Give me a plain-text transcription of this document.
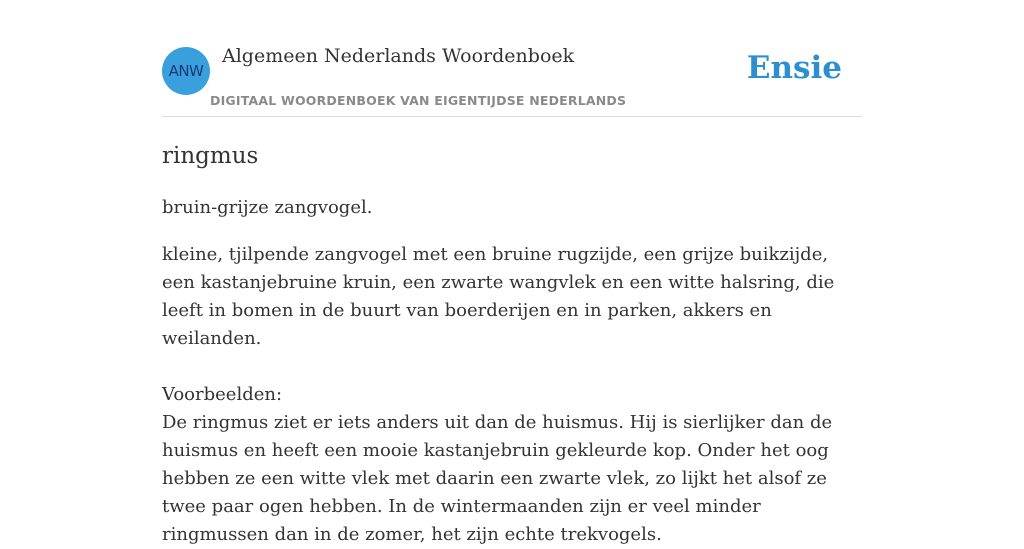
ANW
Algemeen Nederlands Woordenboek
DIGITAAL WOORDENBOEK VAN EIGENTIJDSE NEDERLANDS
Ensie
ringmus

bruin-grijze zangvogel.

kleine, tjilpende zangvogel met een bruine rugzijde, een grijze buikzijde, een kastanjebruine kruin, een zwarte wangvlek en een witte halsring, die leeft in bomen in de buurt van boerderijen en in parken, akkers en weilanden.

Voorbeelden:

De ringmus ziet er iets anders uit dan de huismus. Hij is sierlijker dan de huismus en heeft een mooie kastanjebruin gekleurde kop. Onder het oog hebben ze een witte vlek met daarin een zwarte vlek, zo lijkt het alsof ze twee paar ogen hebben. In de wintermaanden zijn er veel minder ringmussen dan in de zomer, het zijn echte trekvogels.
